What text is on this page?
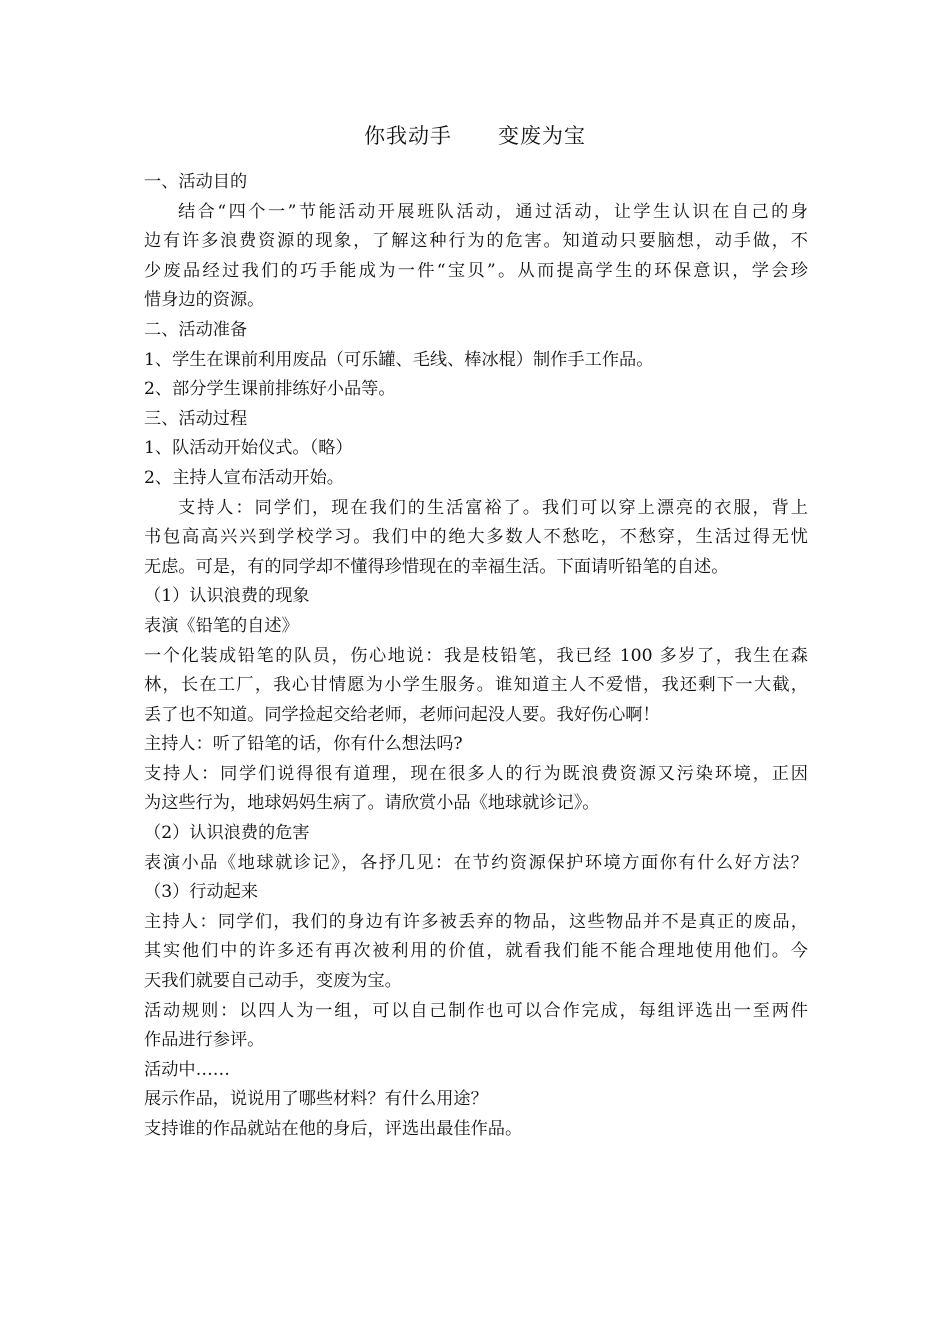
你我动手      变废为宝
一、活动目的
结合“四个一”节能活动开展班队活动，通过活动，让学生认识在自己的身
边有许多浪费资源的现象，了解这种行为的危害。知道动只要脑想，动手做，不
少废品经过我们的巧手能成为一件“宝贝”。从而提高学生的环保意识，学会珍
惜身边的资源。
二、活动准备
1、学生在课前利用废品（可乐罐、毛线、棒冰棍）制作手工作品。
2、部分学生课前排练好小品等。
三、活动过程
1、队活动开始仪式。（略）
2、主持人宣布活动开始。
支持人：同学们，现在我们的生活富裕了。我们可以穿上漂亮的衣服，背上
书包高高兴兴到学校学习。我们中的绝大多数人不愁吃，不愁穿，生活过得无忧
无虑。可是，有的同学却不懂得珍惜现在的幸福生活。下面请听铅笔的自述。
（1）认识浪费的现象
表演《铅笔的自述》
一个化装成铅笔的队员，伤心地说：我是枝铅笔，我已经 100 多岁了，我生在森
林，长在工厂，我心甘情愿为小学生服务。谁知道主人不爱惜，我还剩下一大截，
丢了也不知道。同学捡起交给老师，老师问起没人要。我好伤心啊！
主持人：听了铅笔的话，你有什么想法吗?
支持人：同学们说得很有道理，现在很多人的行为既浪费资源又污染环境，正因
为这些行为，地球妈妈生病了。请欣赏小品《地球就诊记》。
（2）认识浪费的危害
表演小品《地球就诊记》，各抒几见：在节约资源保护环境方面你有什么好方法？
（3）行动起来
主持人：同学们，我们的身边有许多被丢弃的物品，这些物品并不是真正的废品，
其实他们中的许多还有再次被利用的价值，就看我们能不能合理地使用他们。今
天我们就要自己动手，变废为宝。
活动规则：以四人为一组，可以自己制作也可以合作完成，每组评选出一至两件
作品进行参评。
活动中……
展示作品，说说用了哪些材料？有什么用途？
支持谁的作品就站在他的身后，评选出最佳作品。
